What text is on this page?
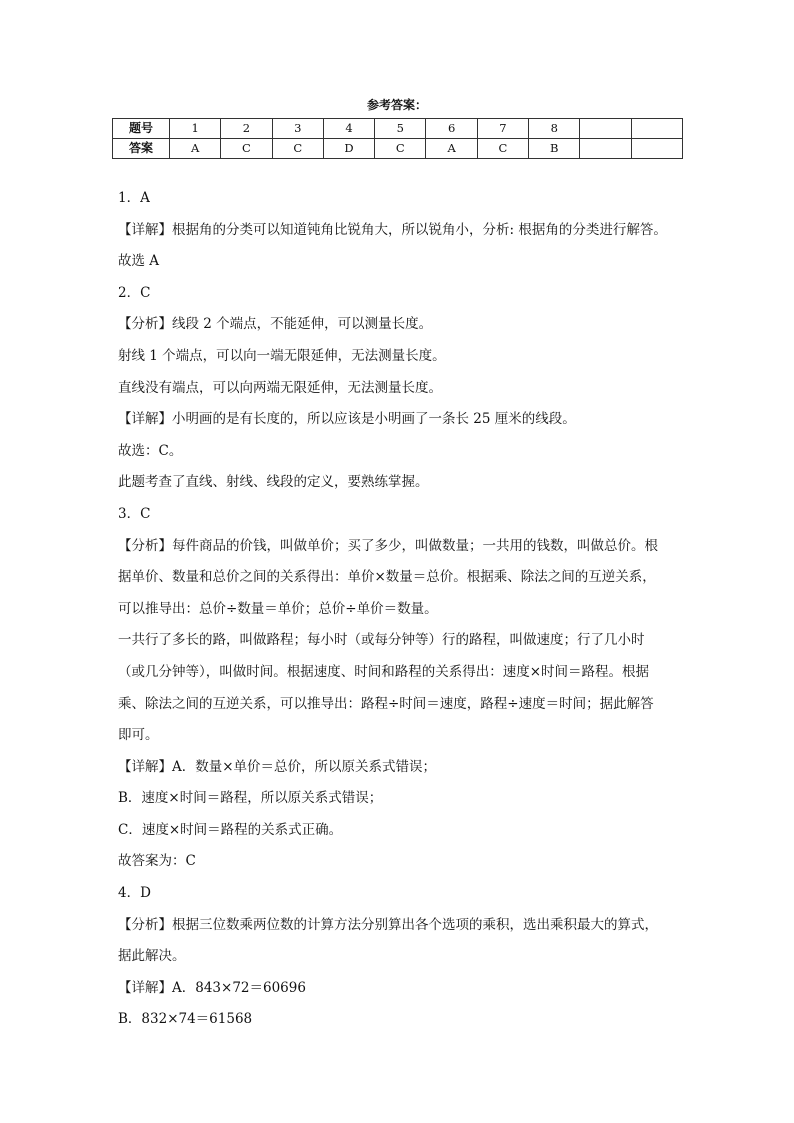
参考答案：
题号	1	2	3	4	5	6	7	8		
答案	A	C	C	D	C	A	C	B		
1．A
【详解】根据角的分类可以知道钝角比锐角大，所以锐角小，分析: 根据角的分类进行解答。
故选 A
2．C
【分析】线段 2 个端点，不能延伸，可以测量长度。
射线 1 个端点，可以向一端无限延伸，无法测量长度。
直线没有端点，可以向两端无限延伸，无法测量长度。
【详解】小明画的是有长度的，所以应该是小明画了一条长 25 厘米的线段。
故选：C。
此题考查了直线、射线、线段的定义，要熟练掌握。
3．C
【分析】每件商品的价钱，叫做单价；买了多少，叫做数量；一共用的钱数，叫做总价。根
据单价、数量和总价之间的关系得出：单价×数量＝总价。根据乘、除法之间的互逆关系，
可以推导出：总价÷数量＝单价；总价÷单价＝数量。
一共行了多长的路，叫做路程；每小时（或每分钟等）行的路程，叫做速度；行了几小时
（或几分钟等），叫做时间。根据速度、时间和路程的关系得出：速度×时间＝路程。根据
乘、除法之间的互逆关系，可以推导出：路程÷时间＝速度，路程÷速度＝时间；据此解答
即可。
【详解】A．数量×单价＝总价，所以原关系式错误；
B．速度×时间＝路程，所以原关系式错误；
C．速度×时间＝路程的关系式正确。
故答案为：C
4．D
【分析】根据三位数乘两位数的计算方法分别算出各个选项的乘积，选出乘积最大的算式，
据此解决。
【详解】A．843×72＝60696
B．832×74＝61568
